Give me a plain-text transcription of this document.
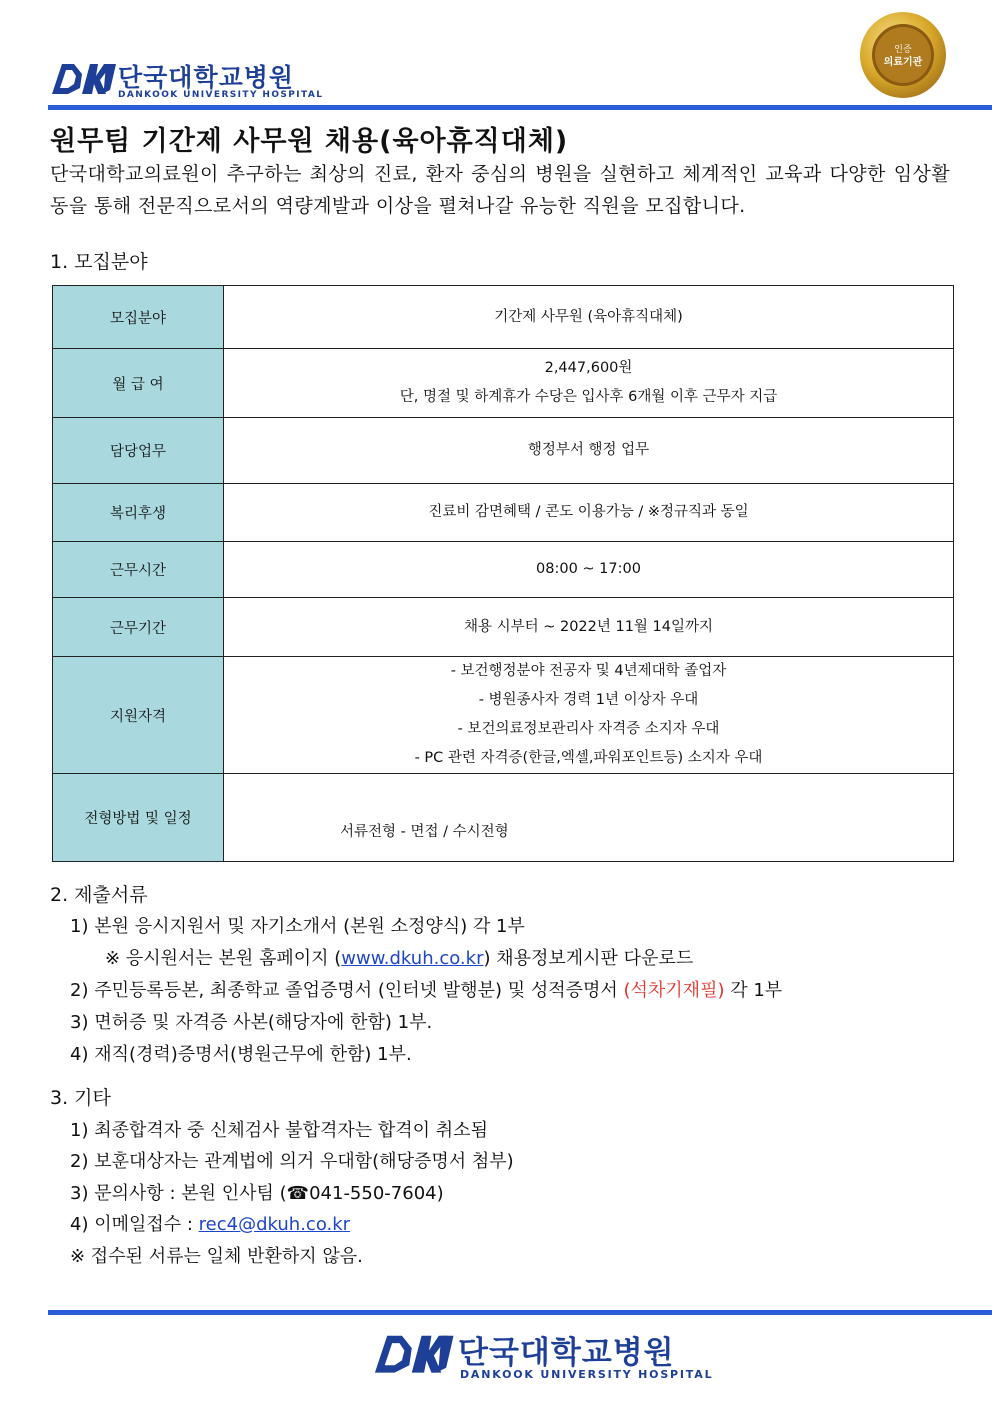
단국대학교병원
DANKOOK UNIVERSITY HOSPITAL
인증
의료기관
원무팀 기간제 사무원 채용(육아휴직대체)
단국대학교의료원이 추구하는 최상의 진료, 환자 중심의 병원을 실현하고 체계적인 교육과 다양한 임상활동을 통해 전문직으로서의 역량계발과 이상을 펼쳐나갈 유능한 직원을 모집합니다.
1. 모집분야
모집분야	기간제 사무원 (육아휴직대체)

월 급 여	2,447,600원
단, 명절 및 하계휴가 수당은 입사후 6개월 이후 근무자 지급

담당업무	행정부서 행정 업무

복리후생	진료비 감면혜택 / 콘도 이용가능 / ※정규직과 동일

근무시간	08:00 ~ 17:00

근무기간	채용 시부터 ~ 2022년 11월 14일까지

지원자격	- 보건행정분야 전공자 및 4년제대학 졸업자
- 병원종사자 경력 1년 이상자 우대
- 보건의료정보관리사 자격증 소지자 우대
- PC 관련 자격증(한글,엑셀,파워포인트등) 소지자 우대

전형방법 및 일정	서류전형 - 면접 / 수시전형
2. 제출서류
1) 본원 응시지원서 및 자기소개서 (본원 소정양식) 각 1부
※ 응시원서는 본원 홈페이지 (www.dkuh.co.kr) 채용정보게시판 다운로드
2) 주민등록등본, 최종학교 졸업증명서 (인터넷 발행분) 및 성적증명서 (석차기재필) 각 1부
3) 면허증 및 자격증 사본(해당자에 한함) 1부.
4) 재직(경력)증명서(병원근무에 한함) 1부.
3. 기타
1) 최종합격자 중 신체검사 불합격자는 합격이 취소됨
2) 보훈대상자는 관계법에 의거 우대함(해당증명서 첨부)
3) 문의사항 : 본원 인사팀 (☎041-550-7604)
4) 이메일접수 : rec4@dkuh.co.kr
※ 접수된 서류는 일체 반환하지 않음.
단국대학교병원
DANKOOK UNIVERSITY HOSPITAL
